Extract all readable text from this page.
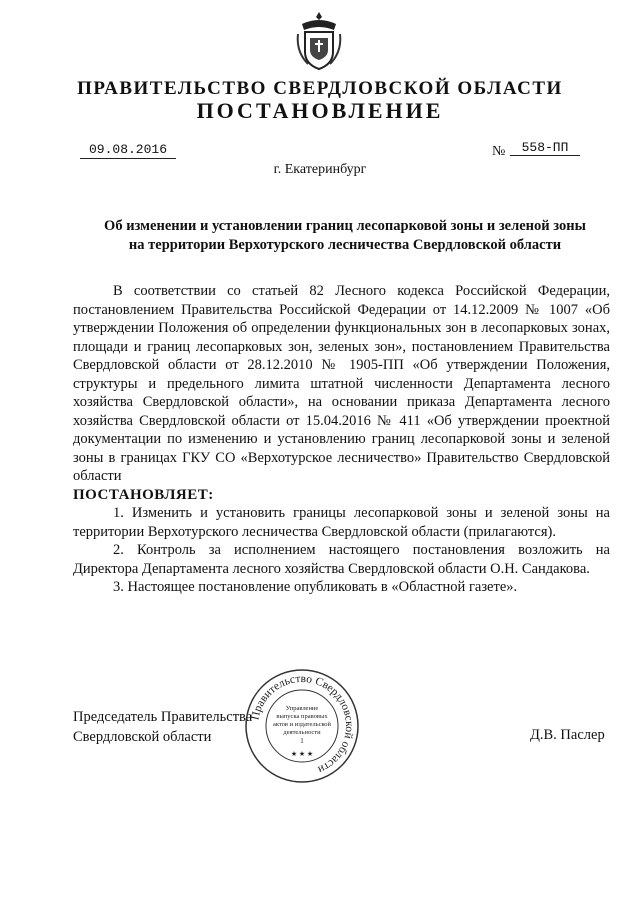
ПРАВИТЕЛЬСТВО СВЕРДЛОВСКОЙ ОБЛАСТИ
ПОСТАНОВЛЕНИЕ
09.08.2016	№	558-ПП
г. Екатеринбург
Об изменении и установлении границ лесопарковой зоны и зеленой зоны
на территории Верхотурского лесничества Свердловской области

В соответствии со статьей 82 Лесного кодекса Российской Федерации, постановлением Правительства Российской Федерации от 14.12.2009 № 1007 «Об утверждении Положения об определении функциональных зон в лесопарковых зонах, площади и границ лесопарковых зон, зеленых зон», постановлением Правительства Свердловской области от 28.12.2010 № 1905-ПП «Об утверждении Положения, структуры и предельного лимита штатной численности Департамента лесного хозяйства Свердловской области», на основании приказа Департамента лесного хозяйства Свердловской области от 15.04.2016 № 411 «Об утверждении проектной документации по изменению и установлению границ лесопарковой зоны и зеленой зоны в границах ГКУ СО «Верхотурское лесничество» Правительство Свердловской области

ПОСТАНОВЛЯЕТ:

1. Изменить и установить границы лесопарковой зоны и зеленой зоны на территории Верхотурского лесничества Свердловской области (прилагаются).

2. Контроль за исполнением настоящего постановления возложить на Директора Департамента лесного хозяйства Свердловской области О.Н. Сандакова.

3. Настоящее постановление опубликовать в «Областной газете».

Председатель Правительства
Свердловской области	Д.В. Паслер
Правительство Свердловской области
Управление
выпуска правовых
актов и издательской
деятельности
1
★ ★ ★
